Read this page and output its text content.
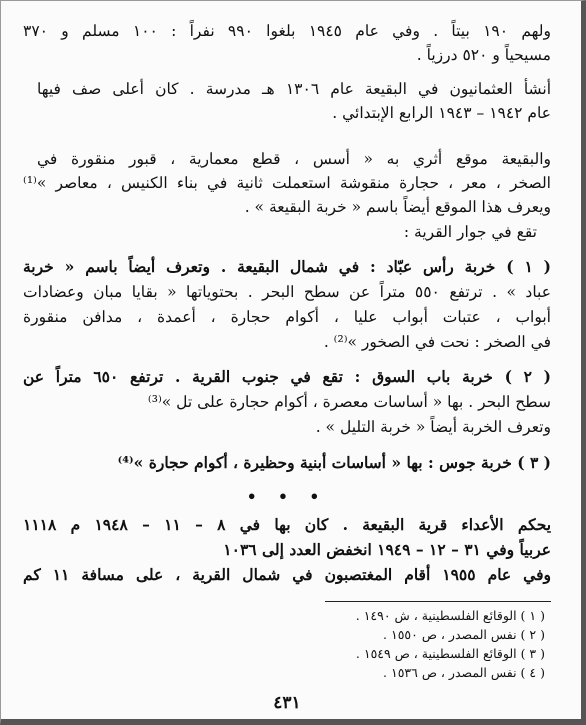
ولهم ١٩٠ بيتاً . وفي عام ١٩٤٥ بلغوا ٩٩٠ نفراً : ١٠٠ مسلم و ٣٧٠
مسيحياً و ٥٢٠ درزياً .
أنشأ العثمانيون في البقيعة عام ١٣٠٦ هـ مدرسة . كان أعلى صف فيها
عام ١٩٤٢ – ١٩٤٣ الرابع الإبتدائي .
والبقيعة موقع أثري به « أسس ، قطع معمارية ، قبور منقورة في
الصخر ، معر ، حجارة منقوشة استعملت ثانية في بناء الكنيس ، معاصر »⁽¹⁾
ويعرف هذا الموقع أيضاً باسم « خربة البقيعة » .
تقع في جوار القرية :
( ١ ) خربة رأس عبّاد : في شمال البقيعة . وتعرف أيضاً باسم « خربة
عباد » . ترتفع ٥٥٠ متراً عن سطح البحر . بحتوياتها « بقايا مبان وعضادات
أبواب ، عتبات أبواب عليا ، أكوام حجارة ، أعمدة ، مدافن منقورة
في الصخر : نحت في الصخور »⁽²⁾ .
( ٢ ) خربة باب السوق : تقع في جنوب القرية . ترتفع ٦٥٠ متراً عن
سطح البحر . بها « أساسات معصرة ، أكوام حجارة على تل »⁽³⁾
وتعرف الخربة أيضاً « خربة التليل » .
( ٣ ) خربة جوس : بها « أساسات أبنية وحظيرة ، أكوام حجارة »⁽⁴⁾
• • •
يحكم الأعداء قرية البقيعة . كان بها في ٨ – ١١ – ١٩٤٨ م ١١١٨
عربياً وفي ٣١ – ١٢ – ١٩٤٩ انخفض العدد إلى ١٠٣٦
وفي عام ١٩٥٥ أقام المغتصبون في شمال القرية ، على مسافة ١١ كم
( ١ ) الوقائع الفلسطينية ، ش ١٤٩٠ .
( ٢ ) نفس المصدر ، ص ١٥٥٠ .
( ٣ ) الوقائع الفلسطينية ، ص ١٥٤٩ .
( ٤ ) نفس المصدر ، ص ١٥٣٦ .
٤٣١
